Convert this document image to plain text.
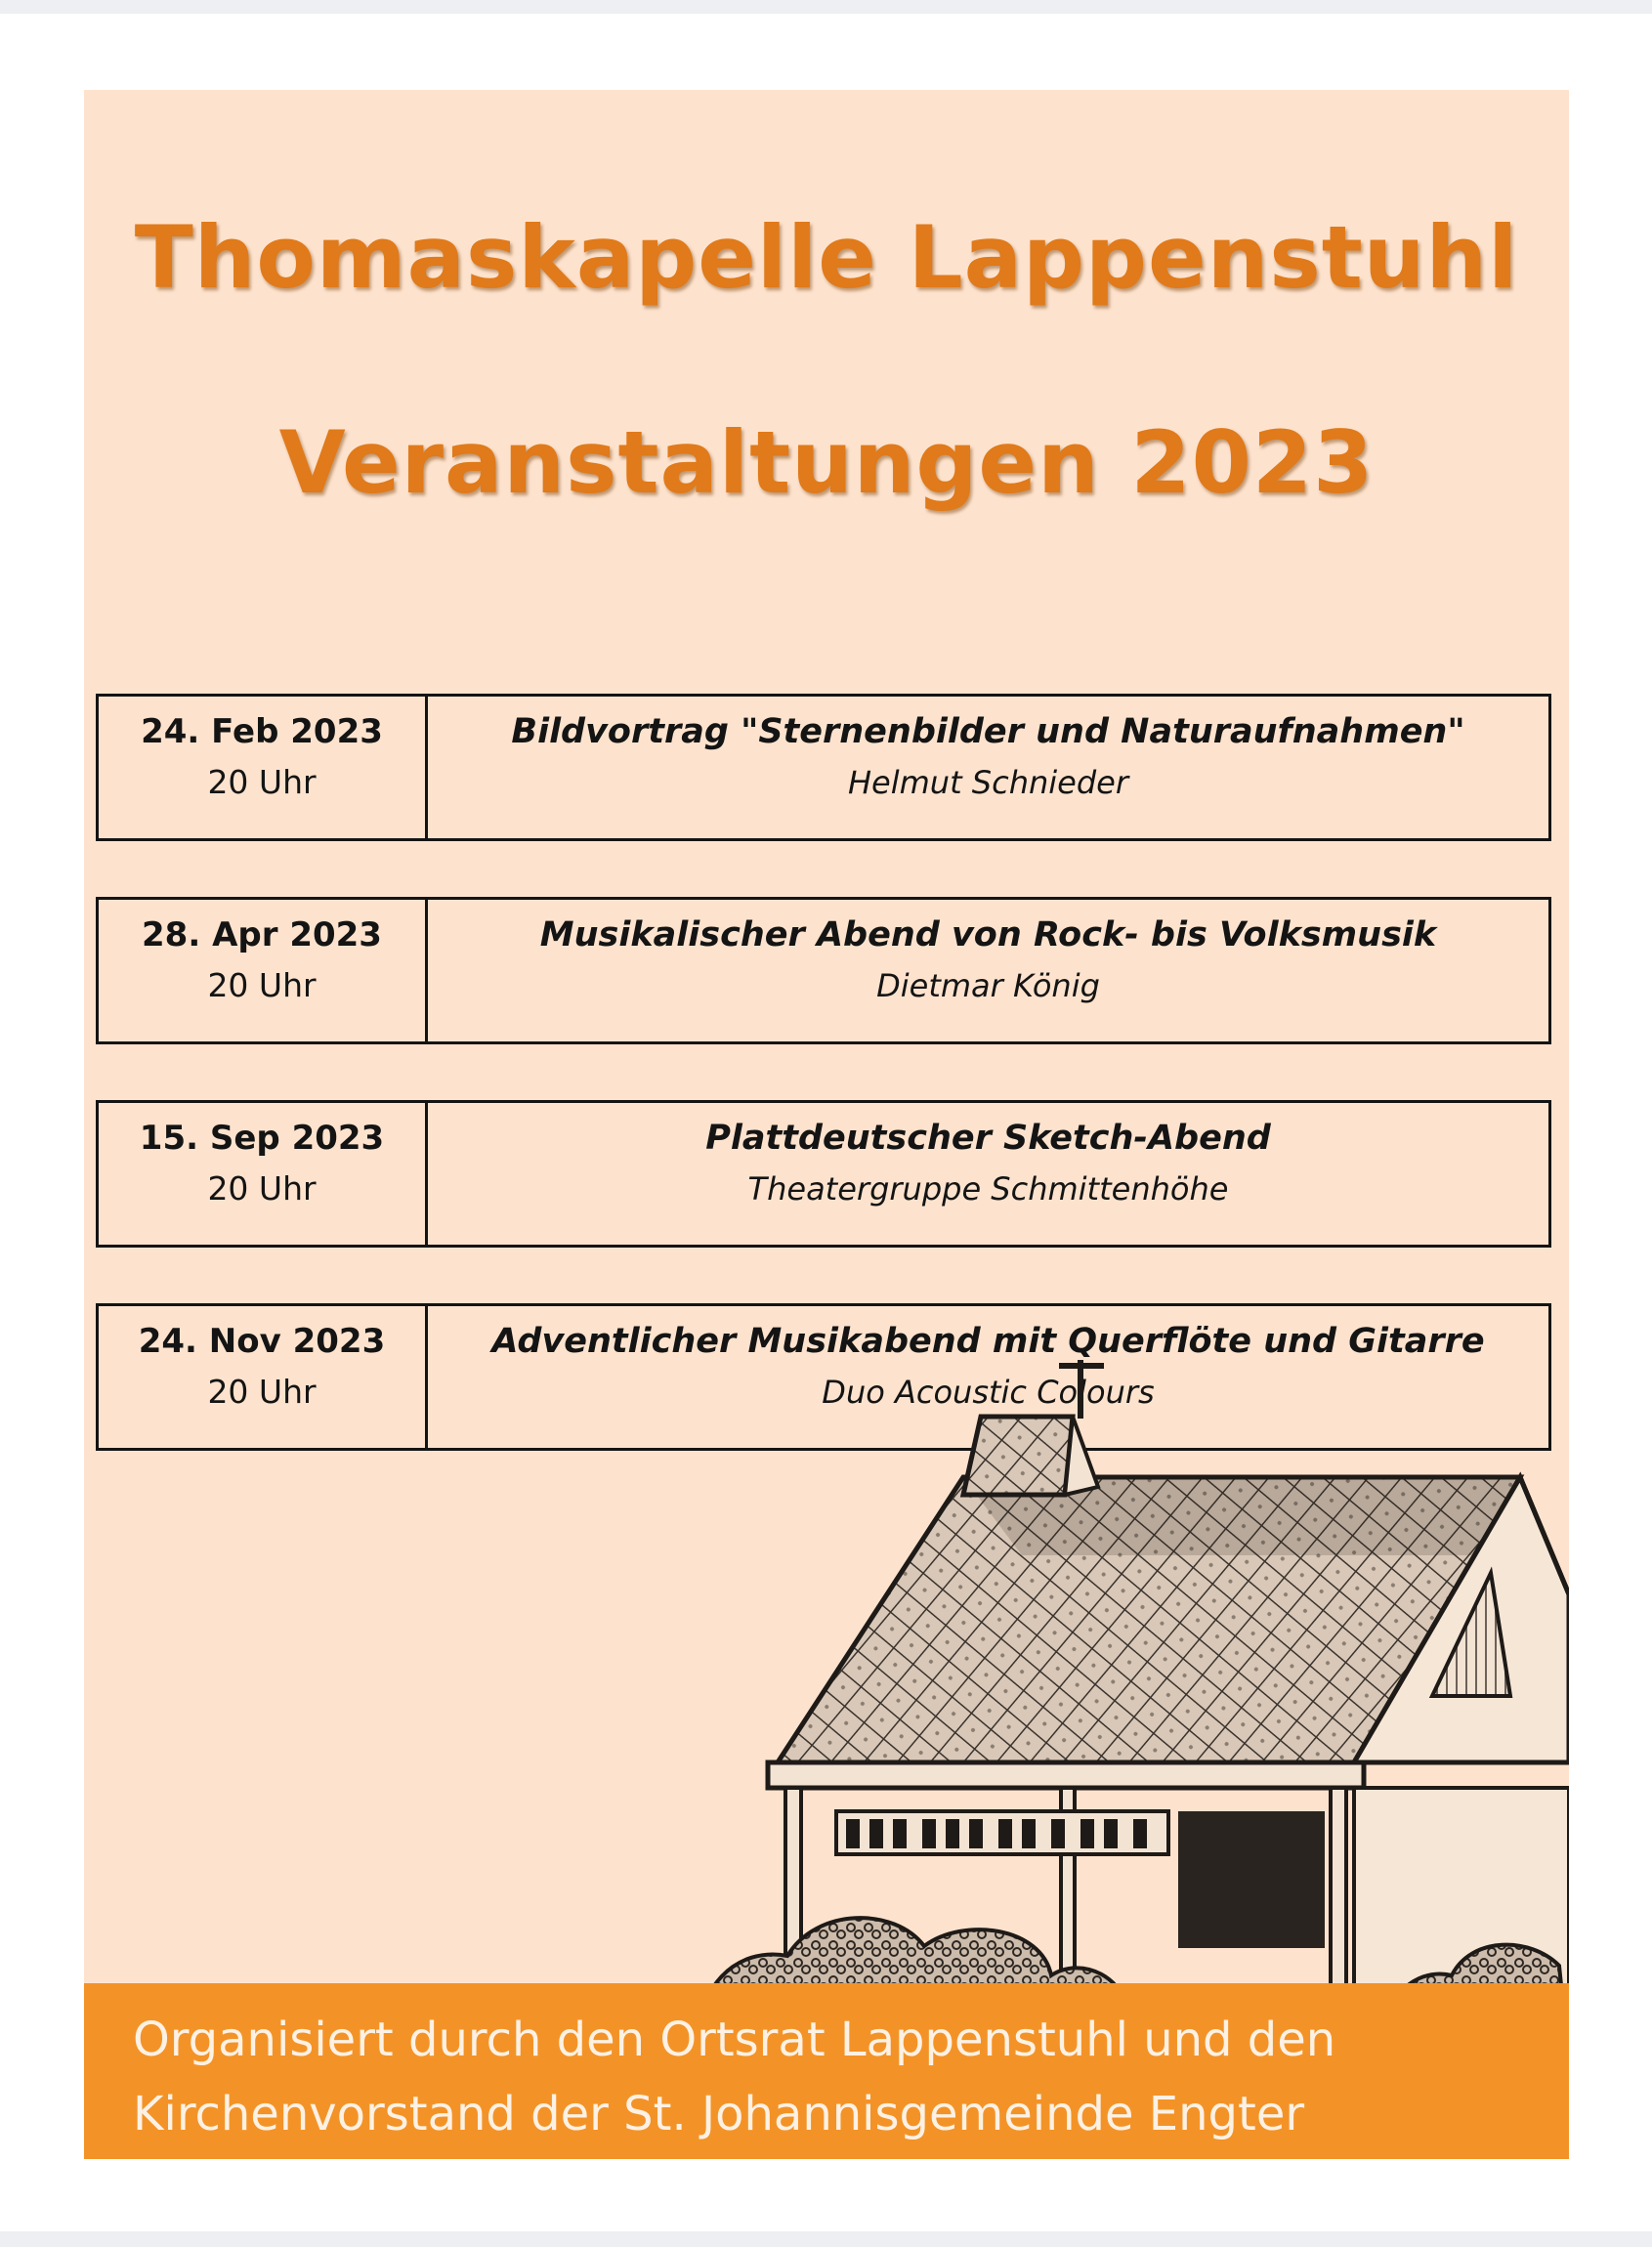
Thomaskapelle Lappenstuhl
Veranstaltungen 2023
24. Feb 2023
20 Uhr
Bildvortrag "Sternenbilder und Naturaufnahmen"
Helmut Schnieder
28. Apr 2023
20 Uhr
Musikalischer Abend von Rock- bis Volksmusik
Dietmar König
15. Sep 2023
20 Uhr
Plattdeutscher Sketch-Abend
Theatergruppe Schmittenhöhe
24. Nov 2023
20 Uhr
Adventlicher Musikabend mit Querflöte und Gitarre
Duo Acoustic Colours

Organisiert durch den Ortsrat Lappenstuhl und den

Kirchenvorstand der St. Johannisgemeinde Engter
